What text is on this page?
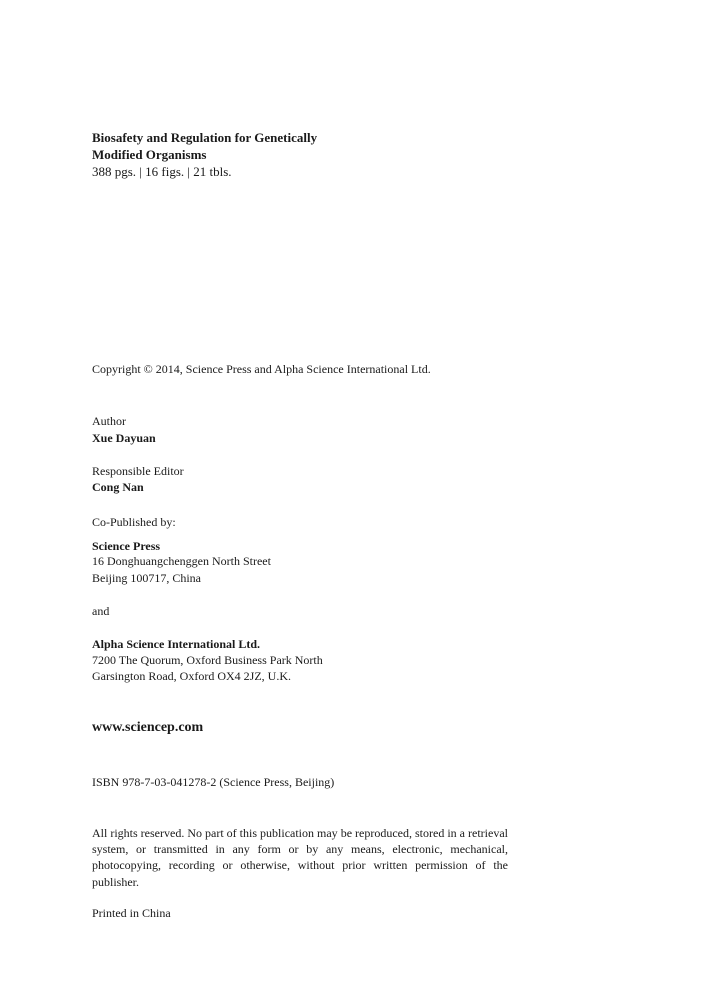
Biosafety and Regulation for Genetically

Modified Organisms

388 pgs. | 16 figs. | 21 tbls.

Copyright © 2014, Science Press and Alpha Science International Ltd.

Author

Xue Dayuan

Responsible Editor

Cong Nan

Co-Published by:

Science Press

16 Donghuangchenggen North Street

Beijing 100717, China

and

Alpha Science International Ltd.

7200 The Quorum, Oxford Business Park North

Garsington Road, Oxford OX4 2JZ, U.K.

www.sciencep.com

ISBN 978-7-03-041278-2 (Science Press, Beijing)

All rights reserved. No part of this publication may be reproduced, stored in a retrieval system, or transmitted in any form or by any means, electronic, mechanical, photocopying, recording or otherwise, without prior written permission of the publisher.

Printed in China
